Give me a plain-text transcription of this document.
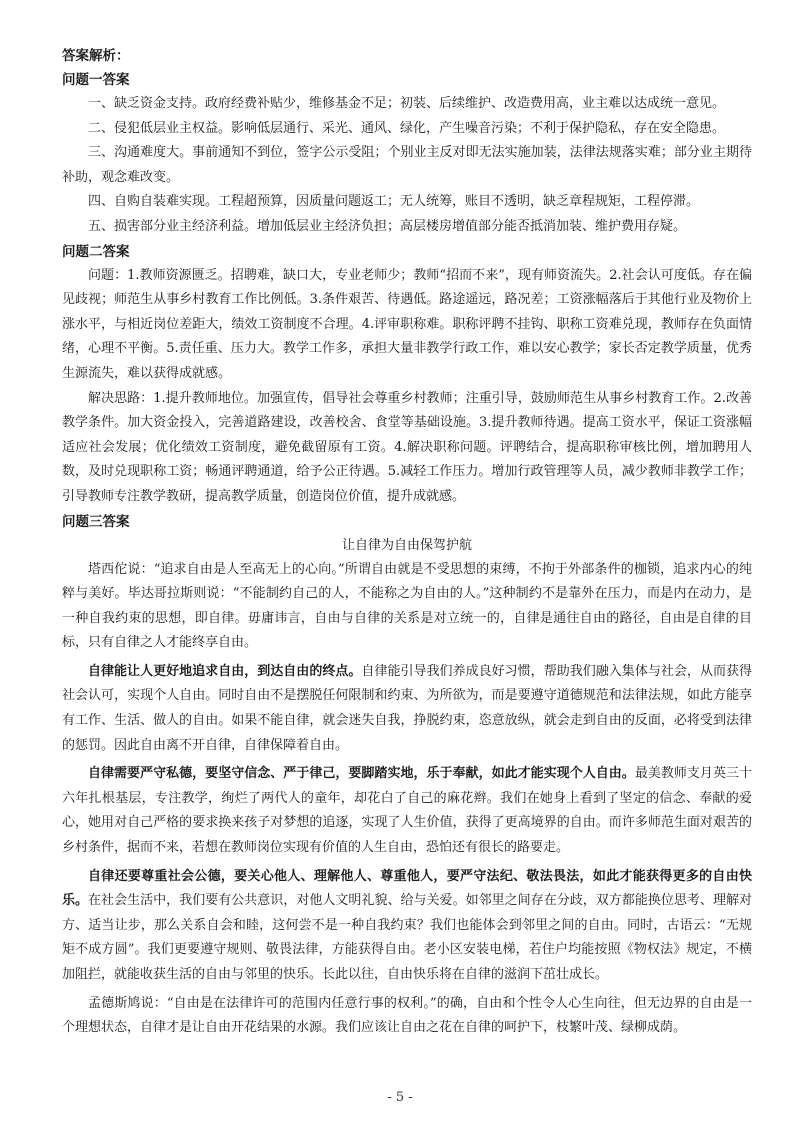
答案解析：

问题一答案

一、缺乏资金支持。政府经费补贴少，维修基金不足；初装、后续维护、改造费用高，业主难以达成统一意见。

二、侵犯低层业主权益。影响低层通行、采光、通风、绿化，产生噪音污染；不利于保护隐私，存在安全隐患。

三、沟通难度大。事前通知不到位，签字公示受阻；个别业主反对即无法实施加装，法律法规落实难；部分业主期待补助，观念难改变。

四、自购自装难实现。工程超预算，因质量问题返工；无人统筹，账目不透明，缺乏章程规矩，工程停滞。

五、损害部分业主经济利益。增加低层业主经济负担；高层楼房增值部分能否抵消加装、维护费用存疑。

问题二答案

问题：1.教师资源匮乏。招聘难，缺口大，专业老师少；教师“招而不来”，现有师资流失。2.社会认可度低。存在偏见歧视；师范生从事乡村教育工作比例低。3.条件艰苦、待遇低。路途遥远，路况差；工资涨幅落后于其他行业及物价上涨水平，与相近岗位差距大，绩效工资制度不合理。4.评审职称难。职称评聘不挂钩、职称工资难兑现，教师存在负面情绪，心理不平衡。5.责任重、压力大。教学工作多，承担大量非教学行政工作，难以安心教学；家长否定教学质量，优秀生源流失，难以获得成就感。

解决思路：1.提升教师地位。加强宣传，倡导社会尊重乡村教师；注重引导，鼓励师范生从事乡村教育工作。2.改善教学条件。加大资金投入，完善道路建设，改善校舍、食堂等基础设施。3.提升教师待遇。提高工资水平，保证工资涨幅适应社会发展；优化绩效工资制度，避免截留原有工资。4.解决职称问题。评聘结合，提高职称审核比例，增加聘用人数，及时兑现职称工资；畅通评聘通道，给予公正待遇。5.减轻工作压力。增加行政管理等人员，减少教师非教学工作；引导教师专注教学教研，提高教学质量，创造岗位价值，提升成就感。

问题三答案

让自律为自由保驾护航

塔西佗说：“追求自由是人至高无上的心向。”所谓自由就是不受思想的束缚，不拘于外部条件的枷锁，追求内心的纯粹与美好。毕达哥拉斯则说：“不能制约自己的人，不能称之为自由的人。”这种制约不是靠外在压力，而是内在动力，是一种自我约束的思想，即自律。毋庸讳言，自由与自律的关系是对立统一的，自律是通往自由的路径，自由是自律的目标，只有自律之人才能终享自由。

自律能让人更好地追求自由，到达自由的终点。自律能引导我们养成良好习惯，帮助我们融入集体与社会，从而获得社会认可，实现个人自由。同时自由不是摆脱任何限制和约束、为所欲为，而是要遵守道德规范和法律法规，如此方能享有工作、生活、做人的自由。如果不能自律，就会迷失自我，挣脱约束，恣意放纵，就会走到自由的反面，必将受到法律的惩罚。因此自由离不开自律，自律保障着自由。

自律需要严守私德，要坚守信念、严于律己，要脚踏实地，乐于奉献，如此才能实现个人自由。最美教师支月英三十六年扎根基层，专注教学，绚烂了两代人的童年，却花白了自己的麻花辫。我们在她身上看到了坚定的信念、奉献的爱心，她用对自己严格的要求换来孩子对梦想的追逐，实现了人生价值，获得了更高境界的自由。而许多师范生面对艰苦的乡村条件，据而不来，若想在教师岗位实现有价值的人生自由，恐怕还有很长的路要走。

自律还要尊重社会公德，要关心他人、理解他人、尊重他人，要严守法纪、敬法畏法，如此才能获得更多的自由快乐。在社会生活中，我们要有公共意识，对他人文明礼貌、给与关爱。如邻里之间存在分歧，双方都能换位思考、理解对方、适当让步，那么关系自会和睦，这何尝不是一种自我约束？我们也能体会到邻里之间的自由。同时，古语云：“无规矩不成方圆”。我们更要遵守规则、敬畏法律，方能获得自由。老小区安装电梯，若住户均能按照《物权法》规定，不横加阻拦，就能收获生活的自由与邻里的快乐。长此以往，自由快乐将在自律的滋润下茁壮成长。

孟德斯鸠说：“自由是在法律许可的范围内任意行事的权利。”的确，自由和个性令人心生向往，但无边界的自由是一个理想状态，自律才是让自由开花结果的水源。我们应该让自由之花在自律的呵护下，枝繁叶茂、绿柳成荫。

- 5 -
